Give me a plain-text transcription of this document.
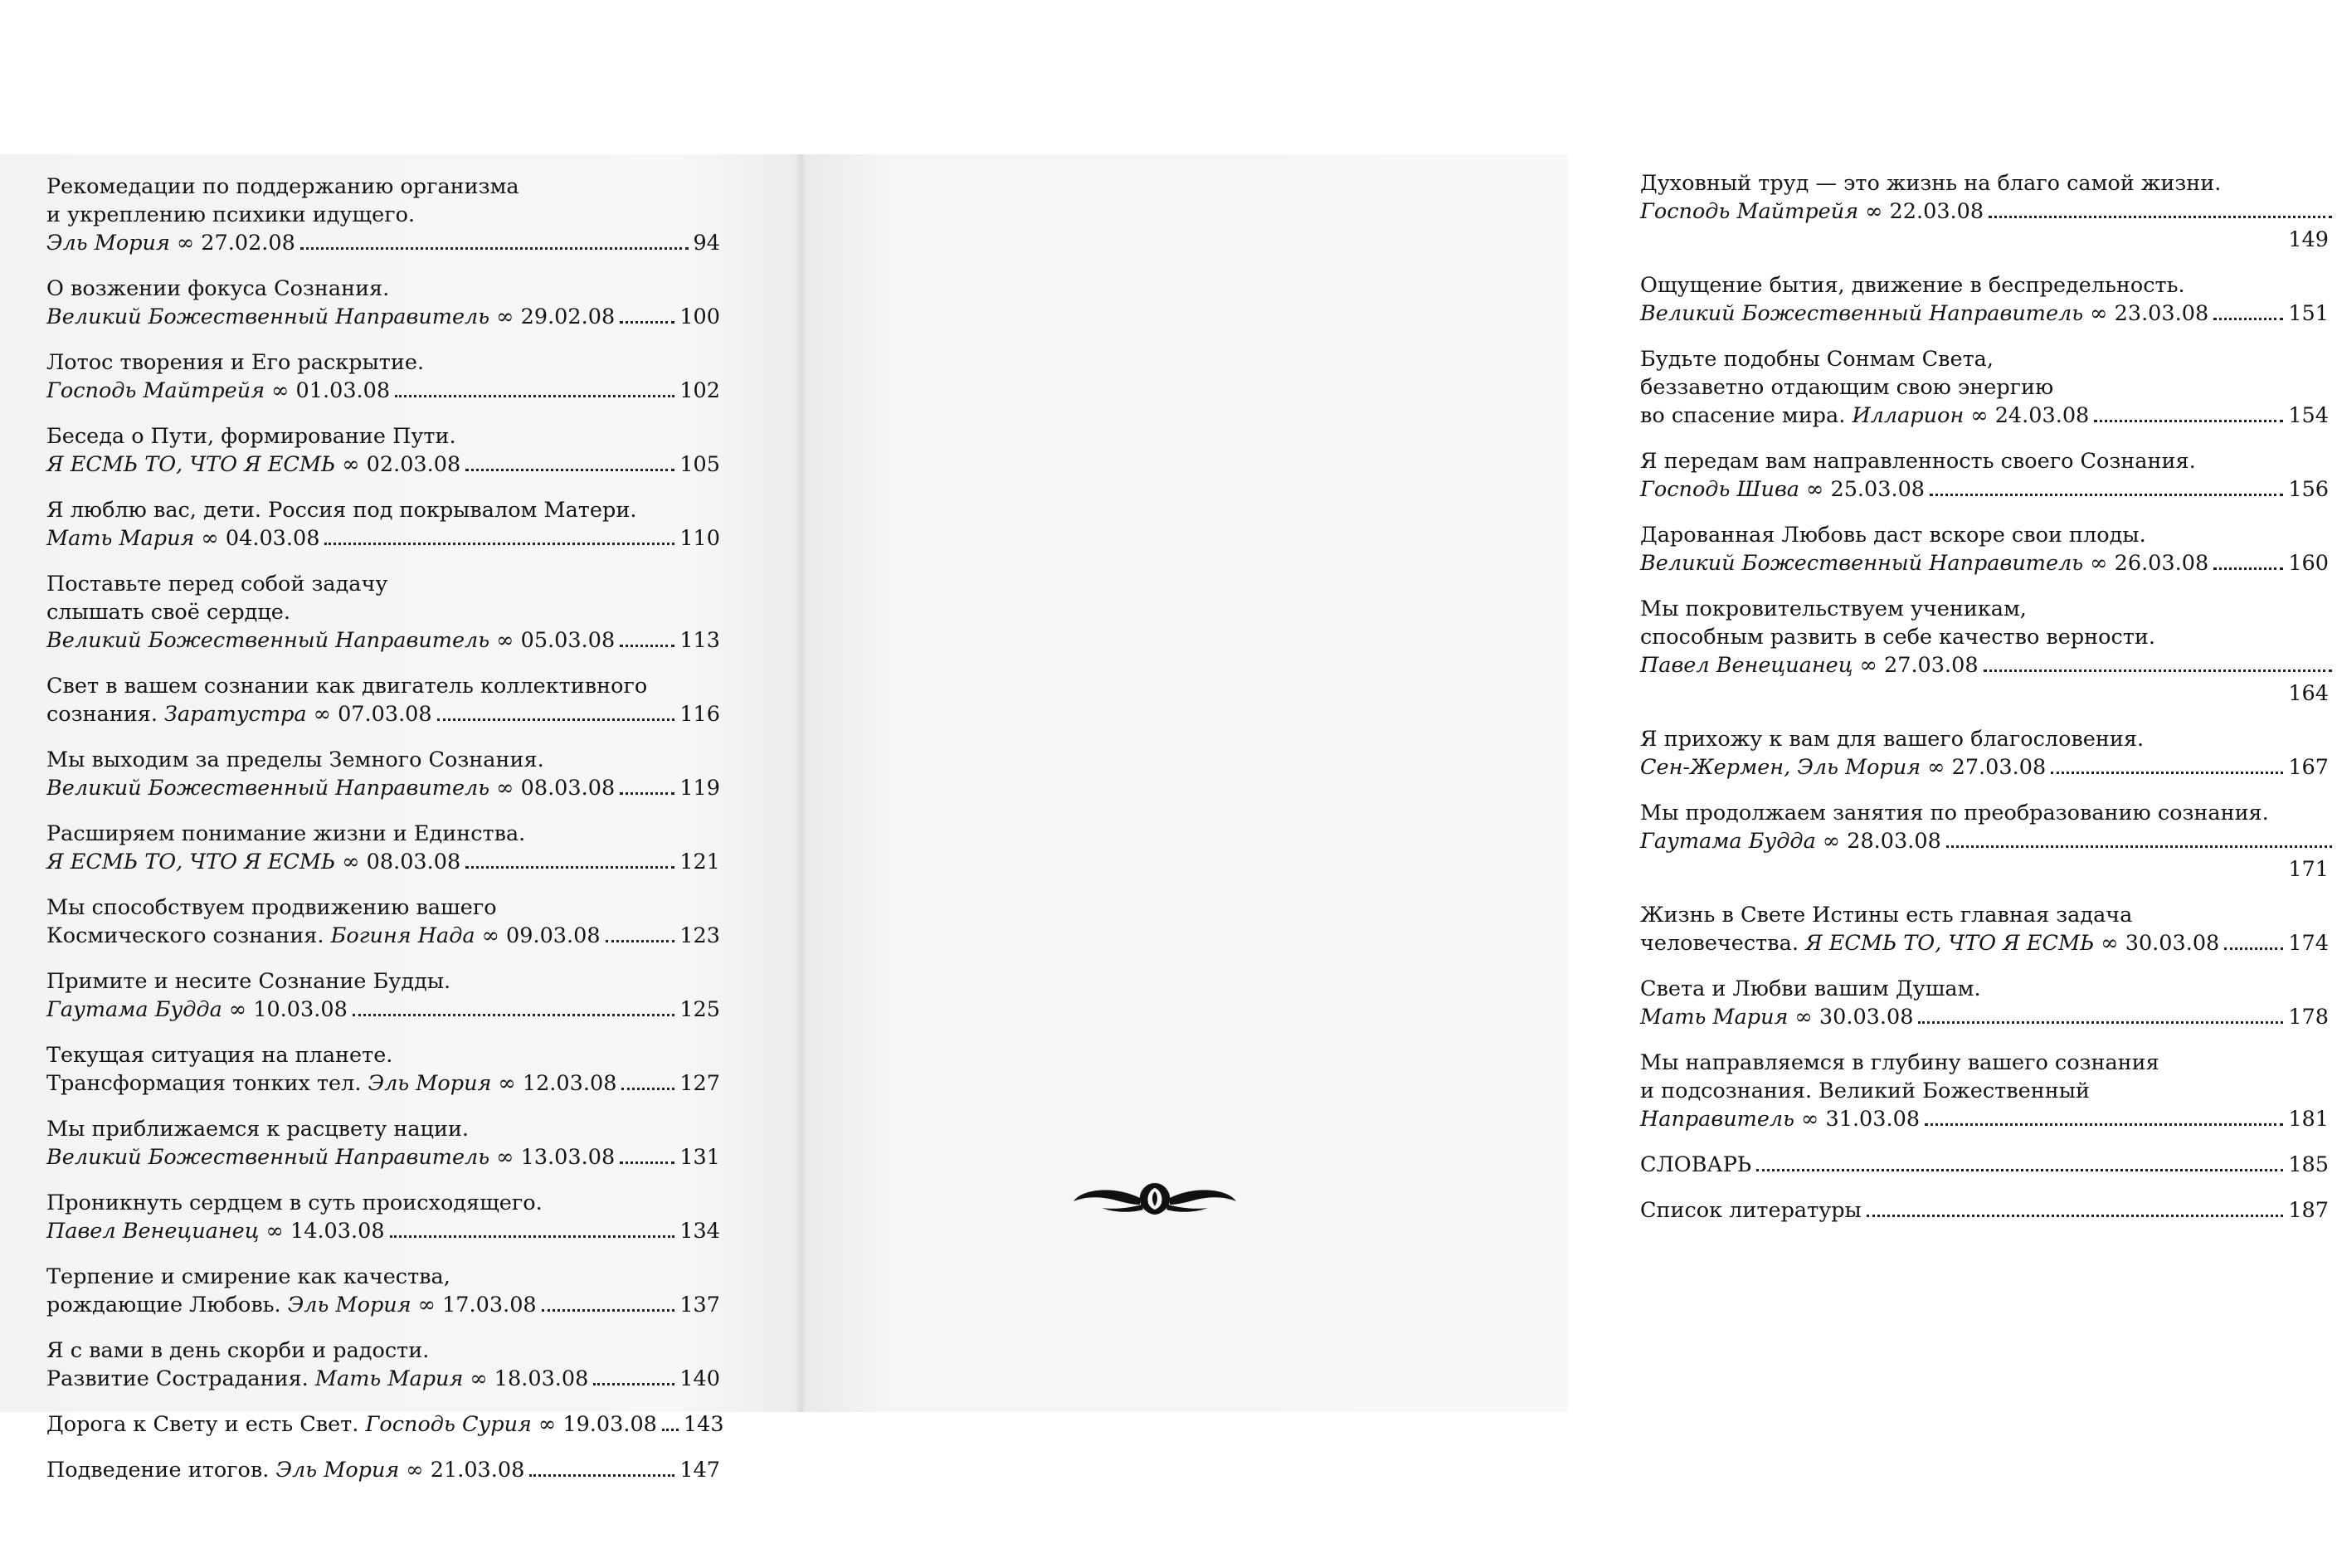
Рекомедации по поддержанию организма
и укреплению психики идущего.
Эль Мория ∞ 27.02.08	94
О возжении фокуса Сознания.
Великий Божественный Направитель ∞ 29.02.08	100
Лотос творения и Его раскрытие.
Господь Майтрейя ∞ 01.03.08	102
Беседа о Пути, формирование Пути.
Я ЕСМЬ ТО, ЧТО Я ЕСМЬ ∞ 02.03.08	105
Я люблю вас, дети. Россия под покрывалом Матери.
Мать Мария ∞ 04.03.08	110
Поставьте перед собой задачу
слышать своё сердце.
Великий Божественный Направитель ∞ 05.03.08	113
Свет в вашем сознании как двигатель коллективного
сознания. Заратустра ∞ 07.03.08	116
Мы выходим за пределы Земного Сознания.
Великий Божественный Направитель ∞ 08.03.08	119
Расширяем понимание жизни и Единства.
Я ЕСМЬ ТО, ЧТО Я ЕСМЬ ∞ 08.03.08	121
Мы способствуем продвижению вашего
Космического сознания. Богиня Нада ∞ 09.03.08	123
Примите и несите Сознание Будды.
Гаутама Будда ∞ 10.03.08	125
Текущая ситуация на планете.
Трансформация тонких тел. Эль Мория ∞ 12.03.08	127
Мы приближаемся к расцвету нации.
Великий Божественный Направитель ∞ 13.03.08	131
Проникнуть сердцем в суть происходящего.
Павел Венецианец ∞ 14.03.08	134
Терпение и смирение как качества,
рождающие Любовь. Эль Мория ∞ 17.03.08	137
Я с вами в день скорби и радости.
Развитие Сострадания. Мать Мария ∞ 18.03.08	140
Дорога к Свету и есть Свет. Господь Сурия ∞ 19.03.08 143
Подведение итогов. Эль Мория ∞ 21.03.08	147
Духовный труд — это жизнь на благо самой жизни.
Господь Майтрейя ∞ 22.03.08
149
Ощущение бытия, движение в беспредельность.
Великий Божественный Направитель ∞ 23.03.08	151
Будьте подобны Сонмам Света,
беззаветно отдающим свою энергию
во спасение мира. Илларион ∞ 24.03.08	154
Я передам вам направленность своего Сознания.
Господь Шива ∞ 25.03.08	156
Дарованная Любовь даст вскоре свои плоды.
Великий Божественный Направитель ∞ 26.03.08	160
Мы покровительствуем ученикам,
способным развить в себе качество верности.
Павел Венецианец ∞ 27.03.08
164
Я прихожу к вам для вашего благословения.
Сен-Жермен, Эль Мория ∞ 27.03.08	167
Мы продолжаем занятия по преобразованию сознания.
Гаутама Будда ∞ 28.03.08
171
Жизнь в Свете Истины есть главная задача
человечества. Я ЕСМЬ ТО, ЧТО Я ЕСМЬ ∞ 30.03.08	174
Света и Любви вашим Душам.
Мать Мария ∞ 30.03.08	178
Мы направляемся в глубину вашего сознания
и подсознания. Великий Божественный
Направитель ∞ 31.03.08	181
СЛОВАРЬ	185
Список литературы	187
